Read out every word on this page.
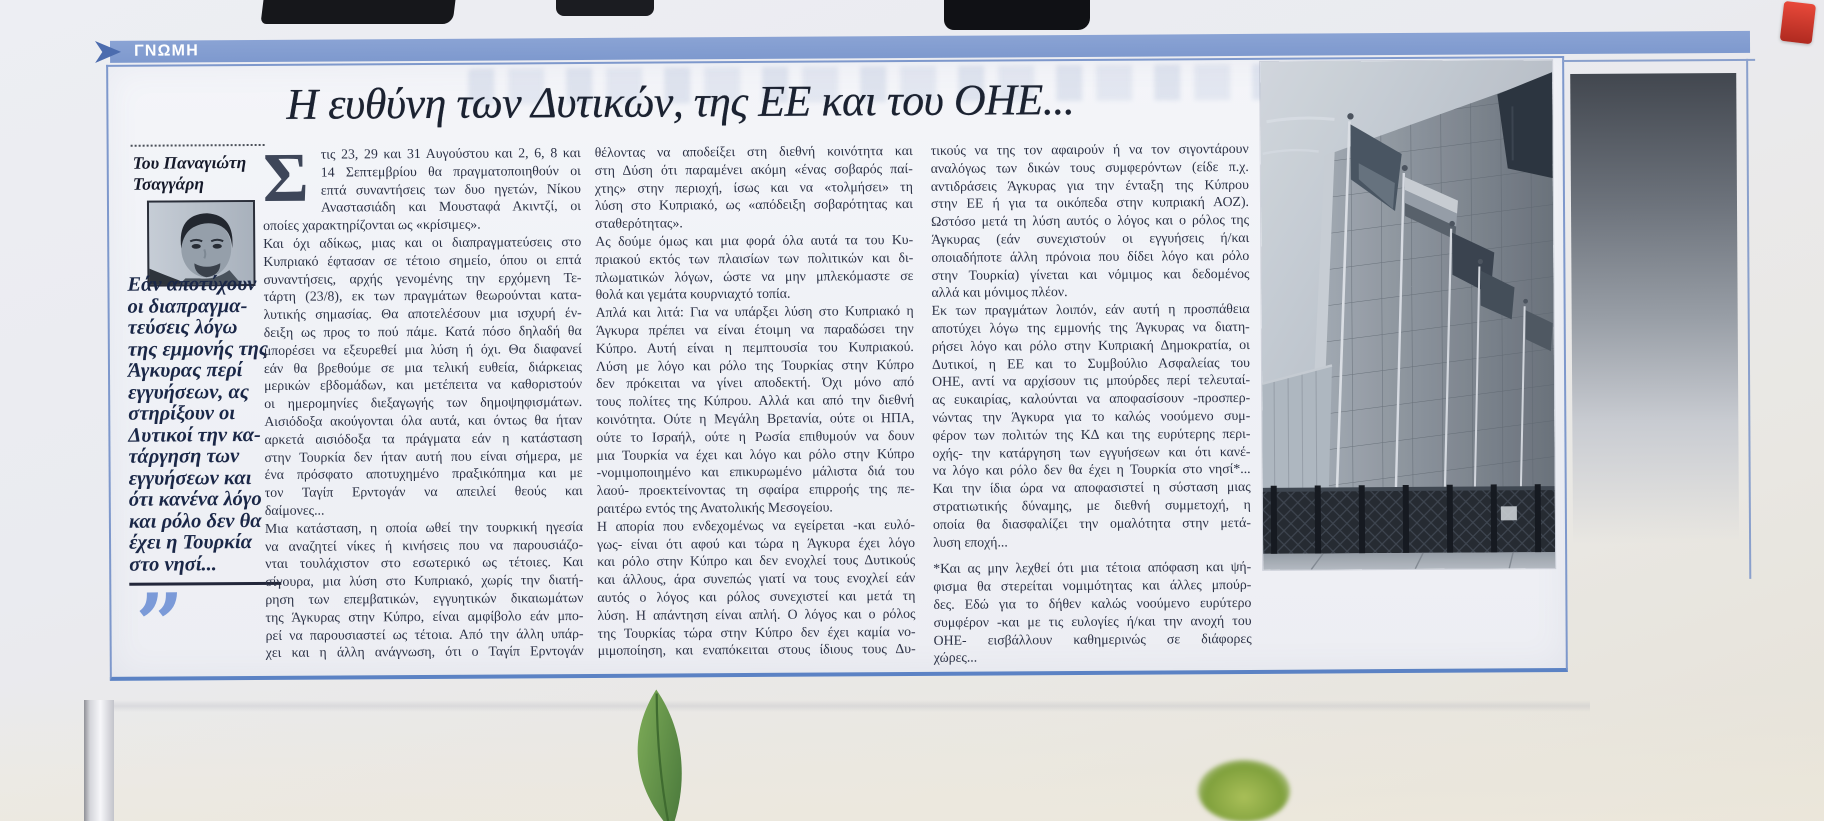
ΓΝΩΜΗ
Η ευθύνη των Δυτικών, της ΕΕ και του ΟΗΕ...
Του Παναγιώτη
Τσαγγάρη
Εάν αποτύχουν
οι διαπραγμα-
τεύσεις λόγω
της εμμονής της
Άγκυρας περί
εγγυήσεων, ας
στηρίξουν οι
Δυτικοί την κα-
τάργηση των
εγγυήσεων και
ότι κανένα λόγο
και ρόλο δεν θα
έχει η Τουρκία
στο νησί...
”
Σ τις 23, 29 και 31 Αυγούστου και 2, 6, 8 και
14 Σεπτεμβρίου θα πραγματοποιηθούν οι
επτά συναντήσεις των δυο ηγετών, Νίκου
Αναστασιάδη και Μουσταφά Ακιντζί, οι
οποίες χαρακτηρίζονται ως «κρίσιμες».
Και όχι αδίκως, μιας και οι διαπραγματεύσεις στο
Κυπριακό έφτασαν σε τέτοιο σημείο, όπου οι επτά
συναντήσεις, αρχής γενομένης την ερχόμενη Τε-
τάρτη (23/8), εκ των πραγμάτων θεωρούνται κατα-
λυτικής σημασίας. Θα αποτελέσουν μια ισχυρή έν-
δειξη ως προς το πού πάμε. Κατά πόσο δηλαδή θα
μπορέσει να εξευρεθεί μια λύση ή όχι. Θα διαφανεί
εάν θα βρεθούμε σε μια τελική ευθεία, διάρκειας
μερικών εβδομάδων, και μετέπειτα να καθοριστούν
οι ημερομηνίες διεξαγωγής των δημοψηφισμάτων.
Αισιόδοξα ακούγονται όλα αυτά, και όντως θα ήταν
αρκετά αισιόδοξα τα πράγματα εάν η κατάσταση
στην Τουρκία δεν ήταν αυτή που είναι σήμερα, με
ένα πρόσφατο αποτυχημένο πραξικόπημα και με
τον Ταγίπ Ερντογάν να απειλεί θεούς και
δαίμονες...
Μια κατάσταση, η οποία ωθεί την τουρκική ηγεσία
να αναζητεί νίκες ή κινήσεις που να παρουσιάζο-
νται τουλάχιστον στο εσωτερικό ως τέτοιες. Και
σίγουρα, μια λύση στο Κυπριακό, χωρίς την διατή-
ρηση των επεμβατικών, εγγυητικών δικαιωμάτων
της Άγκυρας στην Κύπρο, είναι αμφίβολο εάν μπο-
ρεί να παρουσιαστεί ως τέτοια. Από την άλλη υπάρ-
χει και η άλλη ανάγνωση, ότι ο Ταγίπ Ερντογάν
θέλοντας να αποδείξει στη διεθνή κοινότητα και
στη Δύση ότι παραμένει ακόμη «ένας σοβαρός παί-
χτης» στην περιοχή, ίσως και να «τολμήσει» τη
λύση στο Κυπριακό, ως «απόδειξη σοβαρότητας και
σταθερότητας».
Ας δούμε όμως και μια φορά όλα αυτά τα του Κυ-
πριακού εκτός των πλαισίων των πολιτικών και δι-
πλωματικών λόγων, ώστε να μην μπλεκόμαστε σε
θολά και γεμάτα κουρνιαχτό τοπία.
Απλά και λιτά: Για να υπάρξει λύση στο Κυπριακό η
Άγκυρα πρέπει να είναι έτοιμη να παραδώσει την
Κύπρο. Αυτή είναι η πεμπτουσία του Κυπριακού.
Λύση με λόγο και ρόλο της Τουρκίας στην Κύπρο
δεν πρόκειται να γίνει αποδεκτή. Όχι μόνο από
τους πολίτες της Κύπρου. Αλλά και από την διεθνή
κοινότητα. Ούτε η Μεγάλη Βρετανία, ούτε οι ΗΠΑ,
ούτε το Ισραήλ, ούτε η Ρωσία επιθυμούν να δουν
μια Τουρκία να έχει και λόγο και ρόλο στην Κύπρο
-νομιμοποιημένο και επικυρωμένο μάλιστα διά του
λαού- προεκτείνοντας τη σφαίρα επιρροής της πε-
ραιτέρω εντός της Ανατολικής Μεσογείου.
Η απορία που ενδεχομένως να εγείρεται -και ευλό-
γως- είναι ότι αφού και τώρα η Άγκυρα έχει λόγο
και ρόλο στην Κύπρο και δεν ενοχλεί τους Δυτικούς
και άλλους, άρα συνεπώς γιατί να τους ενοχλεί εάν
αυτός ο λόγος και ρόλος συνεχιστεί και μετά τη
λύση. Η απάντηση είναι απλή. Ο λόγος και ο ρόλος
της Τουρκίας τώρα στην Κύπρο δεν έχει καμία νο-
μιμοποίηση, και εναπόκειται στους ίδιους τους Δυ-
τικούς να της τον αφαιρούν ή να τον σιγοντάρουν
αναλόγως των δικών τους συμφερόντων (είδε π.χ.
αντιδράσεις Άγκυρας για την ένταξη της Κύπρου
στην ΕΕ ή για τα οικόπεδα στην κυπριακή ΑΟΖ).
Ωστόσο μετά τη λύση αυτός ο λόγος και ο ρόλος της
Άγκυρας (εάν συνεχιστούν οι εγγυήσεις ή/και
οποιαδήποτε άλλη πρόνοια που δίδει λόγο και ρόλο
στην Τουρκία) γίνεται και νόμιμος και δεδομένος
αλλά και μόνιμος πλέον.
Εκ των πραγμάτων λοιπόν, εάν αυτή η προσπάθεια
αποτύχει λόγω της εμμονής της Άγκυρας να διατη-
ρήσει λόγο και ρόλο στην Κυπριακή Δημοκρατία, οι
Δυτικοί, η ΕΕ και το Συμβούλιο Ασφαλείας του
ΟΗΕ, αντί να αρχίσουν τις μπούρδες περί τελευταί-
ας ευκαιρίας, καλούνται να αποφασίσουν -προσπερ-
νώντας την Άγκυρα για το καλώς νοούμενο συμ-
φέρον των πολιτών της ΚΔ και της ευρύτερης περι-
οχής- την κατάργηση των εγγυήσεων και ότι κανέ-
να λόγο και ρόλο δεν θα έχει η Τουρκία στο νησί*...
Και την ίδια ώρα να αποφασιστεί η σύσταση μιας
στρατιωτικής δύναμης, με διεθνή συμμετοχή, η
οποία θα διασφαλίζει την ομαλότητα στην μετά-
λυση εποχή...
*Και ας μην λεχθεί ότι μια τέτοια απόφαση και ψή-
φισμα θα στερείται νομιμότητας και άλλες μπούρ-
δες. Εδώ για το δήθεν καλώς νοούμενο ευρύτερο
συμφέρον -και με τις ευλογίες ή/και την ανοχή του
ΟΗΕ- εισβάλλουν καθημερινώς σε διάφορες
χώρες...
